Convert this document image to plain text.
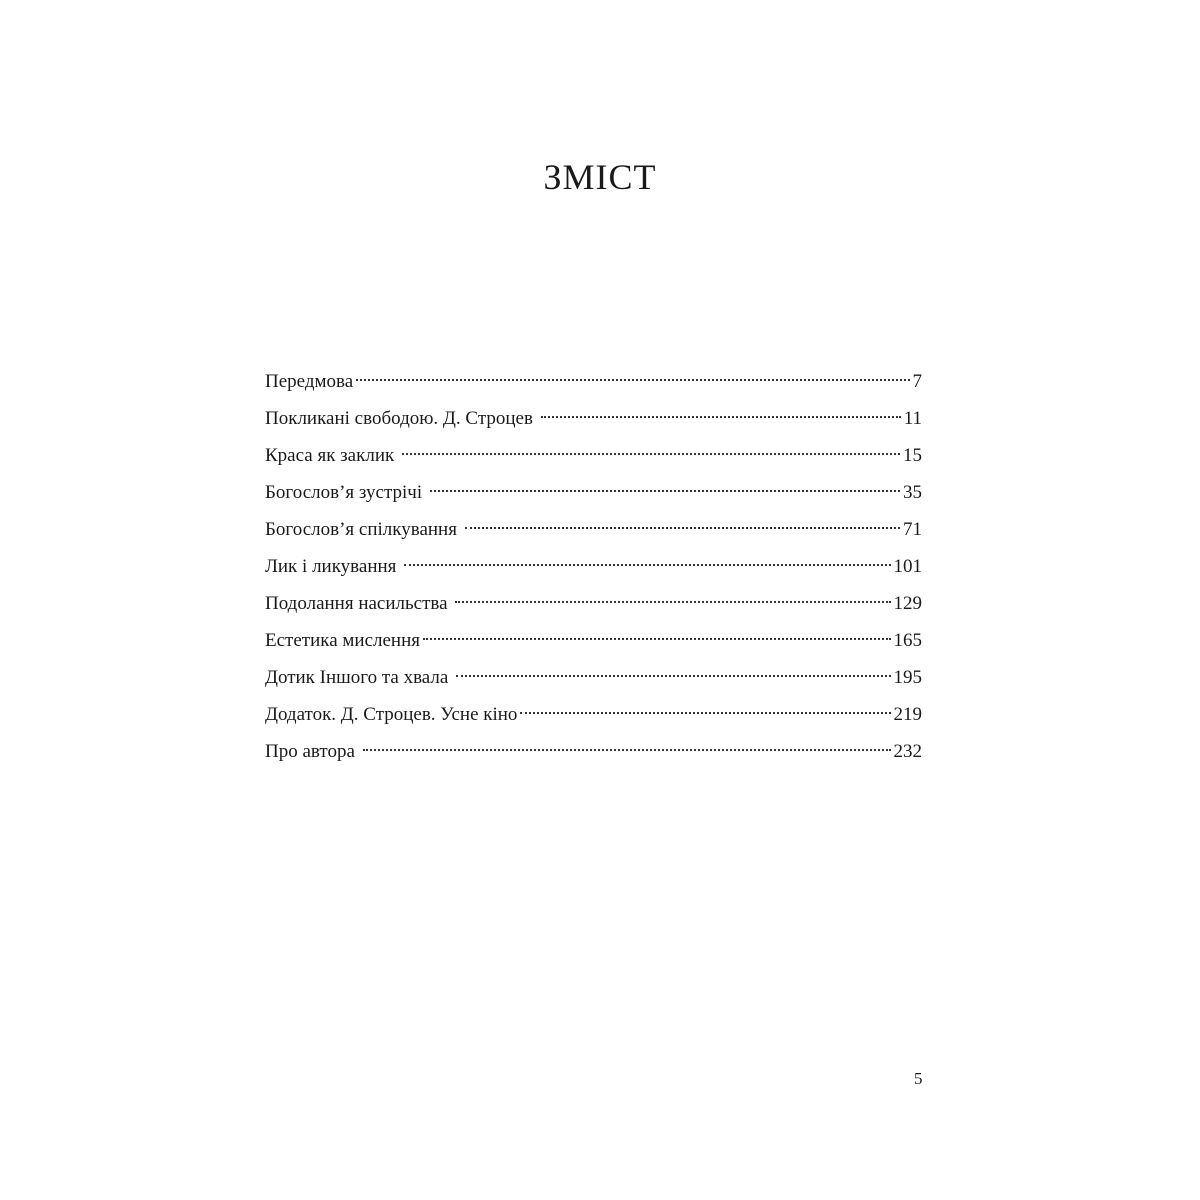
ЗМІСТ
Передмова	7
Покликані свободою. Д. Строцев	11
Краса як заклик	15
Богослов’я зустрічі	35
Богослов’я спілкування	71
Лик і ликування	101
Подолання насильства	129
Естетика мислення	165
Дотик Іншого та хвала	195
Додаток. Д. Строцев. Усне кіно	219
Про автора	232

5
